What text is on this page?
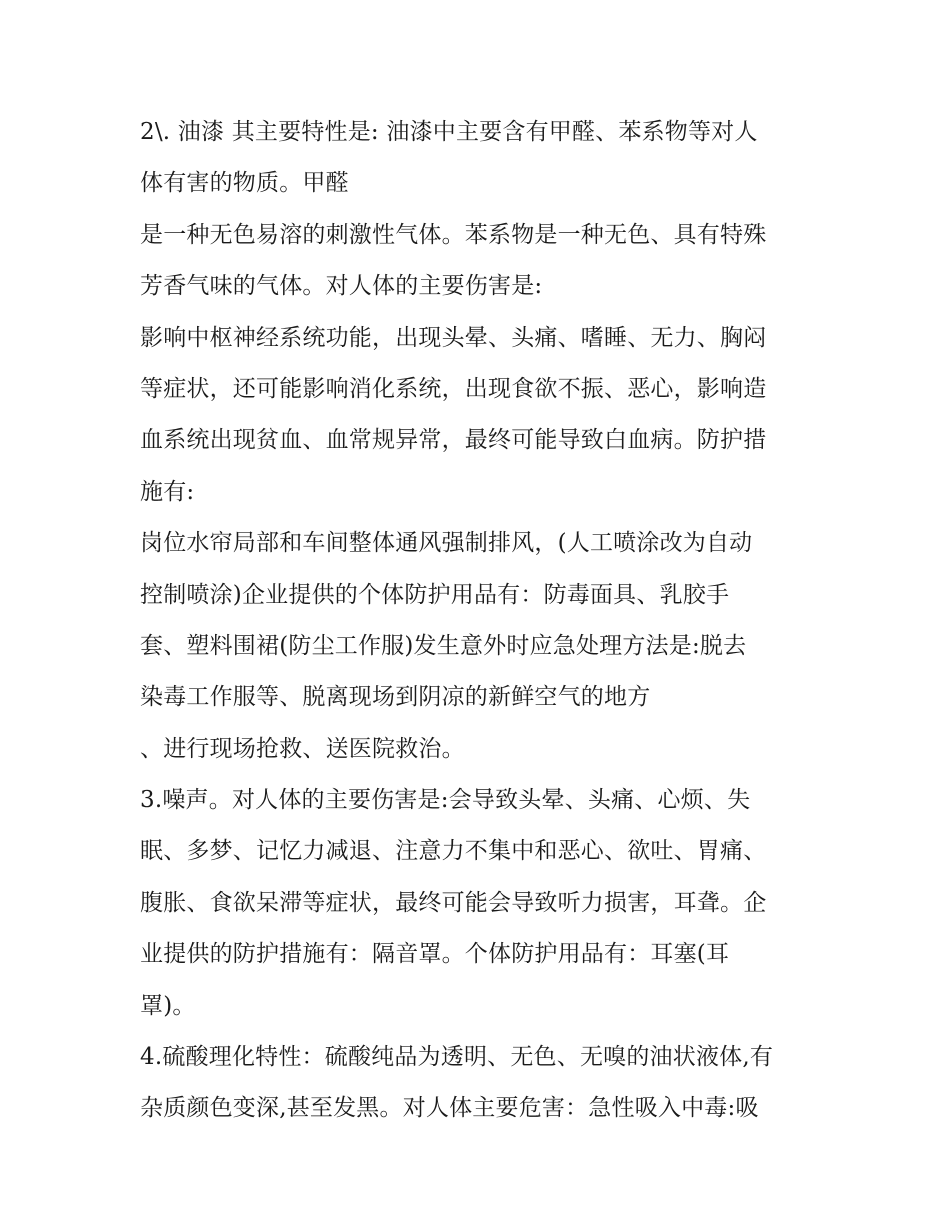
2\. 油漆 其主要特性是: 油漆中主要含有甲醛、苯系物等对人
体有害的物质。甲醛
是一种无色易溶的刺激性气体。苯系物是一种无色、具有特殊
芳香气味的气体。对人体的主要伤害是:
影响中枢神经系统功能，出现头晕、头痛、嗜睡、无力、胸闷
等症状，还可能影响消化系统，出现食欲不振、恶心，影响造
血系统出现贫血、血常规异常，最终可能导致白血病。防护措
施有:
岗位水帘局部和车间整体通风强制排风，(人工喷涂改为自动
控制喷涂)企业提供的个体防护用品有：防毒面具、乳胶手
套、塑料围裙(防尘工作服)发生意外时应急处理方法是:脱去
染毒工作服等、脱离现场到阴凉的新鲜空气的地方
、进行现场抢救、送医院救治。
3.噪声。对人体的主要伤害是:会导致头晕、头痛、心烦、失
眠、多梦、记忆力减退、注意力不集中和恶心、欲吐、胃痛、
腹胀、食欲呆滞等症状，最终可能会导致听力损害，耳聋。企
业提供的防护措施有：隔音罩。个体防护用品有：耳塞(耳
罩)。
4.硫酸理化特性：硫酸纯品为透明、无色、无嗅的油状液体,有
杂质颜色变深,甚至发黑。对人体主要危害：急性吸入中毒:吸
